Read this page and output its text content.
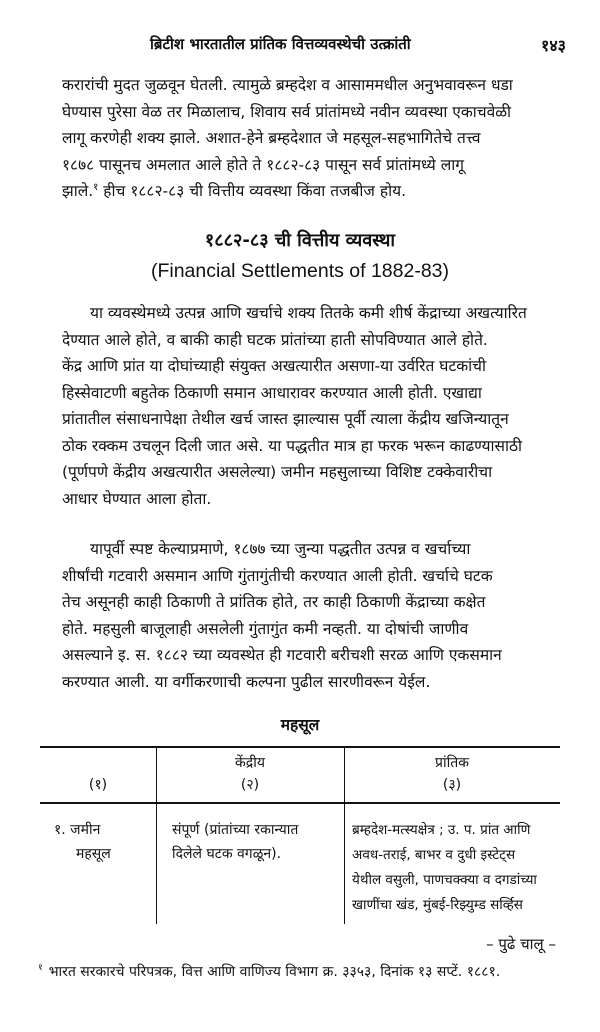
ब्रिटीश भारतातील प्रांतिक वित्तव्यवस्थेची उत्क्रांती	१४३
करारांची मुदत जुळवून घेतली. त्यामुळे ब्रम्हदेश व आसाममधील अनुभवावरून धडा
घेण्यास पुरेसा वेळ तर मिळालाच, शिवाय सर्व प्रांतांमध्ये नवीन व्यवस्था एकाचवेळी
लागू करणेही शक्य झाले. अशात-हेने ब्रम्हदेशात जे महसूल-सहभागितेचे तत्त्व
१८७८ पासूनच अमलात आले होते ते १८८२-८३ पासून सर्व प्रांतांमध्ये लागू
झाले.$^१$ हीच १८८२-८३ ची वित्तीय व्यवस्था किंवा तजबीज होय.
१८८२-८३ ची वित्तीय व्यवस्था
(Financial Settlements of 1882-83)
या व्यवस्थेमध्ये उत्पन्न आणि खर्चाचे शक्य तितके कमी शीर्ष केंद्राच्या अखत्यारित
देण्यात आले होते, व बाकी काही घटक प्रांतांच्या हाती सोपविण्यात आले होते.
केंद्र आणि प्रांत या दोघांच्याही संयुक्त अखत्यारीत असणा-या उर्वरित घटकांची
हिस्सेवाटणी बहुतेक ठिकाणी समान आधारावर करण्यात आली होती. एखाद्या
प्रांतातील संसाधनापेक्षा तेथील खर्च जास्त झाल्यास पूर्वी त्याला केंद्रीय खजिन्यातून
ठोक रक्कम उचलून दिली जात असे. या पद्धतीत मात्र हा फरक भरून काढण्यासाठी
(पूर्णपणे केंद्रीय अखत्यारीत असलेल्या) जमीन महसुलाच्या विशिष्ट टक्केवारीचा
आधार घेण्यात आला होता.
यापूर्वी स्पष्ट केल्याप्रमाणे, १८७७ च्या जुन्या पद्धतीत उत्पन्न व खर्चाच्या
शीर्षांची गटवारी असमान आणि गुंतागुंतीची करण्यात आली होती. खर्चाचे घटक
तेच असूनही काही ठिकाणी ते प्रांतिक होते, तर काही ठिकाणी केंद्राच्या कक्षेत
होते. महसुली बाजूलाही असलेली गुंतागुंत कमी नव्हती. या दोषांची जाणीव
असल्याने इ. स. १८८२ च्या व्यवस्थेत ही गटवारी बरीचशी सरळ आणि एकसमान
करण्यात आली. या वर्गीकरणाची कल्पना पुढील सारणीवरून येईल.
महसूल
(१)
केंद्रीय
(२)
प्रांतिक
(३)
१. जमीन
महसूल
संपूर्ण (प्रांतांच्या रकान्यात
दिलेले घटक वगळून).
ब्रम्हदेश-मत्स्यक्षेत्र ; उ. प. प्रांत आणि
अवध-तराई, बाभर व दुधी इस्टेट्स
येथील वसुली, पाणचक्क्या व दगडांच्या
खाणींचा खंड, मुंबई-रिझ्युम्ड सर्व्हिस
– पुढे चालू –
$^१$ भारत सरकारचे परिपत्रक, वित्त आणि वाणिज्य विभाग क्र. ३३५३, दिनांक १३ सप्टें. १८८१.
